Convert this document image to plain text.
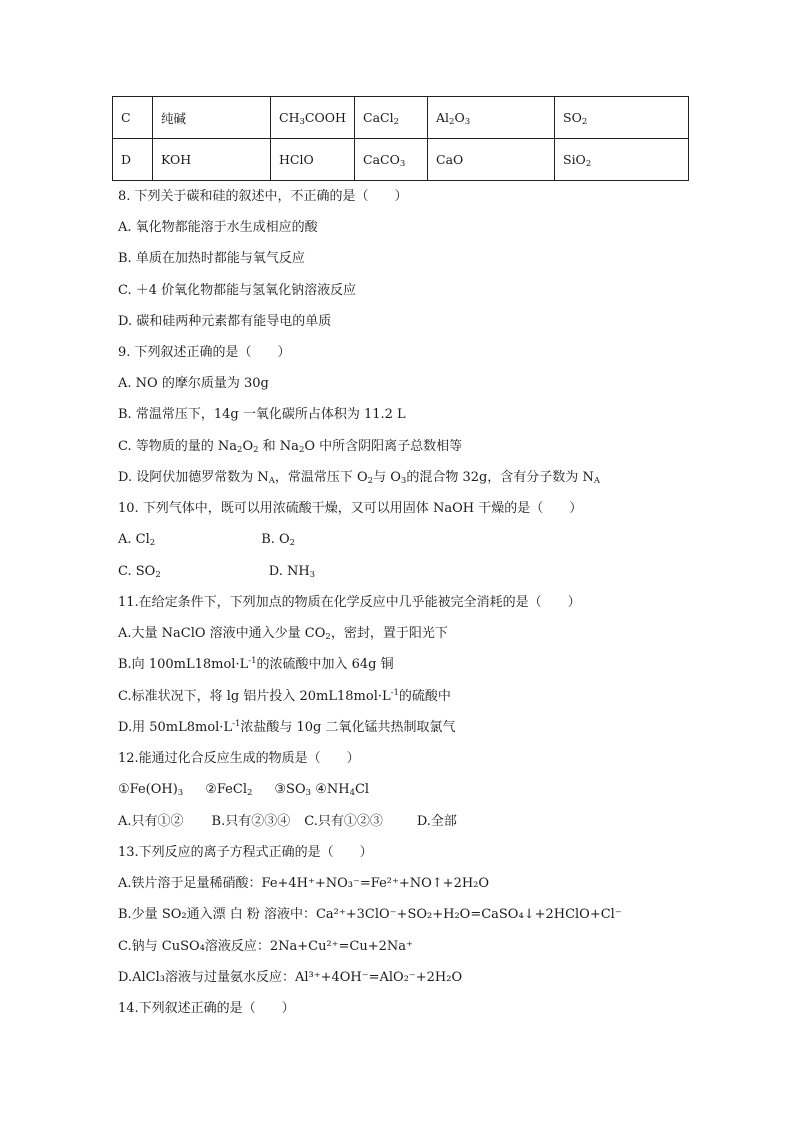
C	纯碱	$CH_3COOH$	CaCl$_2$	$Al_2O_3$	$SO_2$
D	KOH	HClO	CaCO$_3$	CaO	SiO$_2$
8. 下列关于碳和硅的叙述中，不正确的是（　　）
A. 氧化物都能溶于水生成相应的酸
B. 单质在加热时都能与氧气反应
C. ＋4 价氧化物都能与氢氧化钠溶液反应
D. 碳和硅两种元素都有能导电的单质
9. 下列叙述正确的是（　　）
A. NO 的摩尔质量为 30g
B. 常温常压下，14g 一氧化碳所占体积为 11.2 L
C. 等物质的量的 $Na_2O_2$ 和 $Na_2O$ 中所含阴阳离子总数相等
D. 设阿伏加德罗常数为 $N_A$，常温常压下 $O_2$与 $O_3$的混合物 32g，含有分子数为 $N_A$
10. 下列气体中，既可以用浓硫酸干燥，又可以用固体 NaOH 干燥的是（　　）
A. $Cl_2$	B. $O_2$
C. $SO_2$	D. $NH_3$
11.在给定条件下，下列加点的物质在化学反应中几乎能被完全消耗的是（　　）
A.大量 NaClO 溶液中通入少量 $CO_2$，密封，置于阳光下
B.向 $100mL18mol\cdot L^{-1}$的浓硫酸中加入 64g 铜
C.标准状况下，将 lg 铝片投入 $20mL18mol\cdot L^{-1}$的硫酸中
D.用 $50mL8mol\cdot L^{-1}$浓盐酸与 10g 二氧化锰共热制取氯气
12.能通过化合反应生成的物质是（　　）
$①Fe(OH)_3$ ②FeCl$_2$ $③SO_3$ $④NH_4Cl$
A.只有①② B.只有②③④ C.只有①②③	D.全部
13.下列反应的离子方程式正确的是（　　）
A.铁片溶于足量稀硝酸：Fe+4H⁺+NO₃⁻=Fe²⁺+NO↑+2H₂O
B.少量 SO₂通入漂 白 粉 溶液中：Ca²⁺+3ClO⁻+SO₂+H₂O=CaSO₄↓+2HClO+Cl⁻
C.钠与 CuSO₄溶液反应：2Na+Cu²⁺=Cu+2Na⁺
D.AlCl₃溶液与过量氨水反应：Al³⁺+4OH⁻=AlO₂⁻+2H₂O
14.下列叙述正确的是（　　）
